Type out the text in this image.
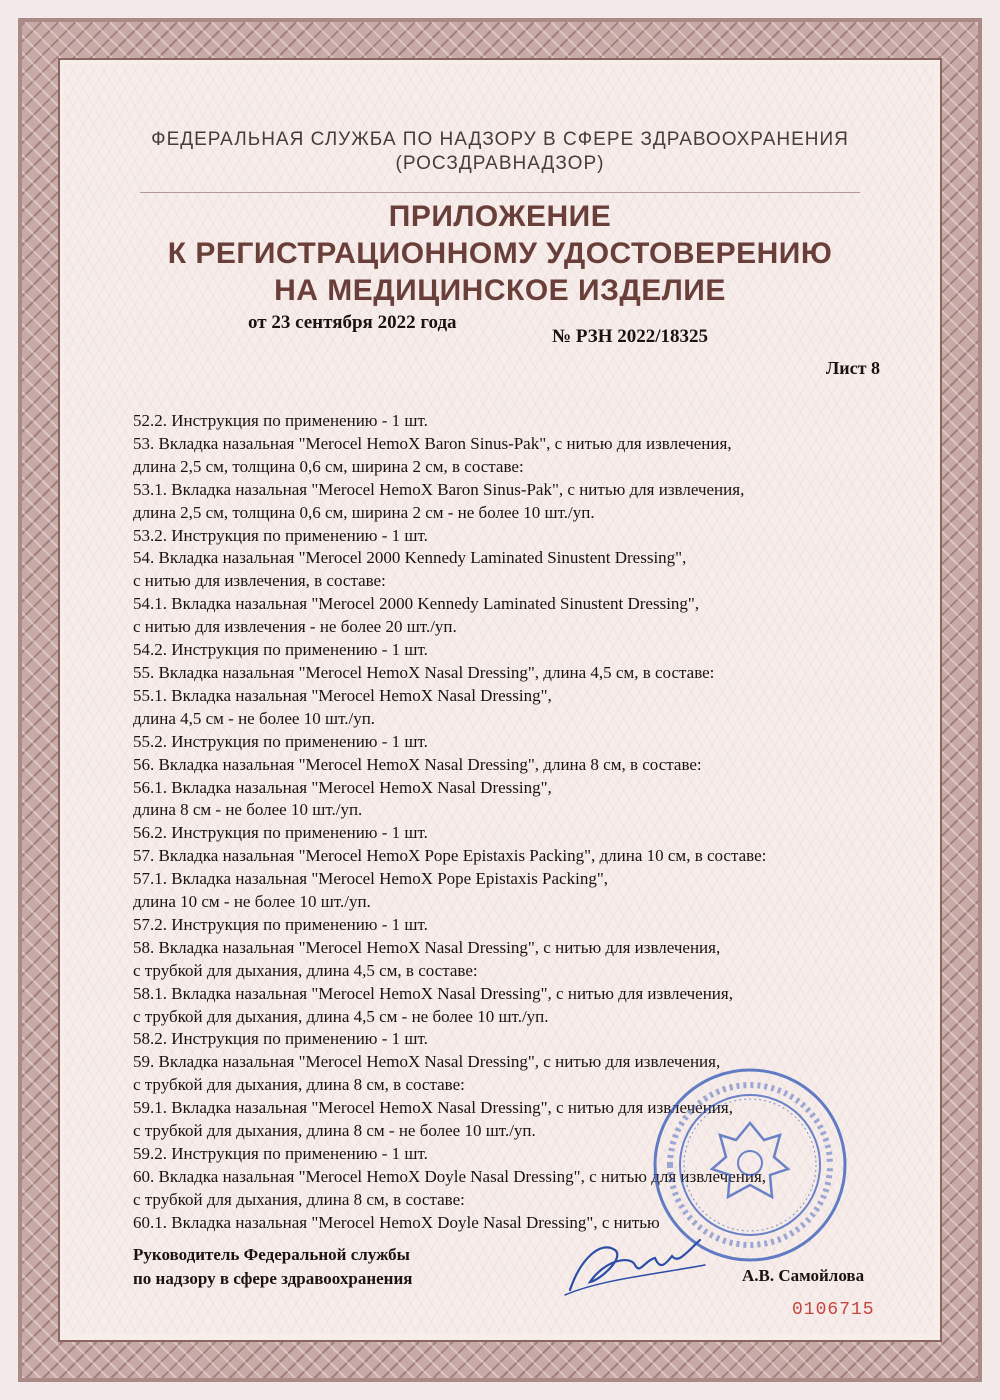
ФЕДЕРАЛЬНАЯ СЛУЖБА ПО НАДЗОРУ В СФЕРЕ ЗДРАВООХРАНЕНИЯ
(РОСЗДРАВНАДЗОР)
ПРИЛОЖЕНИЕ
К РЕГИСТРАЦИОННОМУ УДОСТОВЕРЕНИЮ
НА МЕДИЦИНСКОЕ ИЗДЕЛИЕ
от 23 сентября 2022 года
№ РЗН 2022/18325
Лист 8
52.2. Инструкция по применению - 1 шт.
53. Вкладка назальная "Merocel HemoX Baron Sinus-Pak", с нитью для извлечения,
длина 2,5 см, толщина 0,6 см, ширина 2 см, в составе:
53.1. Вкладка назальная "Merocel HemoX Baron Sinus-Pak", с нитью для извлечения,
длина 2,5 см, толщина 0,6 см, ширина 2 см - не более 10 шт./уп.
53.2. Инструкция по применению - 1 шт.
54. Вкладка назальная "Merocel 2000 Kennedy Laminated Sinustent Dressing",
с нитью для извлечения, в составе:
54.1. Вкладка назальная "Merocel 2000 Kennedy Laminated Sinustent Dressing",
с нитью для извлечения - не более 20 шт./уп.
54.2. Инструкция по применению - 1 шт.
55. Вкладка назальная "Merocel HemoX Nasal Dressing", длина 4,5 см, в составе:
55.1. Вкладка назальная "Merocel HemoX Nasal Dressing",
длина 4,5 см - не более 10 шт./уп.
55.2. Инструкция по применению - 1 шт.
56. Вкладка назальная "Merocel HemoX Nasal Dressing", длина 8 см, в составе:
56.1. Вкладка назальная "Merocel HemoX Nasal Dressing",
длина 8 см - не более 10 шт./уп.
56.2. Инструкция по применению - 1 шт.
57. Вкладка назальная "Merocel HemoX Pope Epistaxis Packing", длина 10 см, в составе:
57.1. Вкладка назальная "Merocel HemoX Pope Epistaxis Packing",
длина 10 см - не более 10 шт./уп.
57.2. Инструкция по применению - 1 шт.
58. Вкладка назальная "Merocel HemoX Nasal Dressing", с нитью для извлечения,
с трубкой для дыхания, длина 4,5 см, в составе:
58.1. Вкладка назальная "Merocel HemoX Nasal Dressing", с нитью для извлечения,
с трубкой для дыхания, длина 4,5 см - не более 10 шт./уп.
58.2. Инструкция по применению - 1 шт.
59. Вкладка назальная "Merocel HemoX Nasal Dressing", с нитью для извлечения,
с трубкой для дыхания, длина 8 см, в составе:
59.1. Вкладка назальная "Merocel HemoX Nasal Dressing", с нитью для извлечения,
с трубкой для дыхания, длина 8 см - не более 10 шт./уп.
59.2. Инструкция по применению - 1 шт.
60. Вкладка назальная "Merocel HemoX Doyle Nasal Dressing", с нитью для извлечения,
с трубкой для дыхания, длина 8 см, в составе:
60.1. Вкладка назальная "Merocel HemoX Doyle Nasal Dressing", с нитью
Руководитель Федеральной службы
по надзору в сфере здравоохранения	А.В. Самойлова
0106715
